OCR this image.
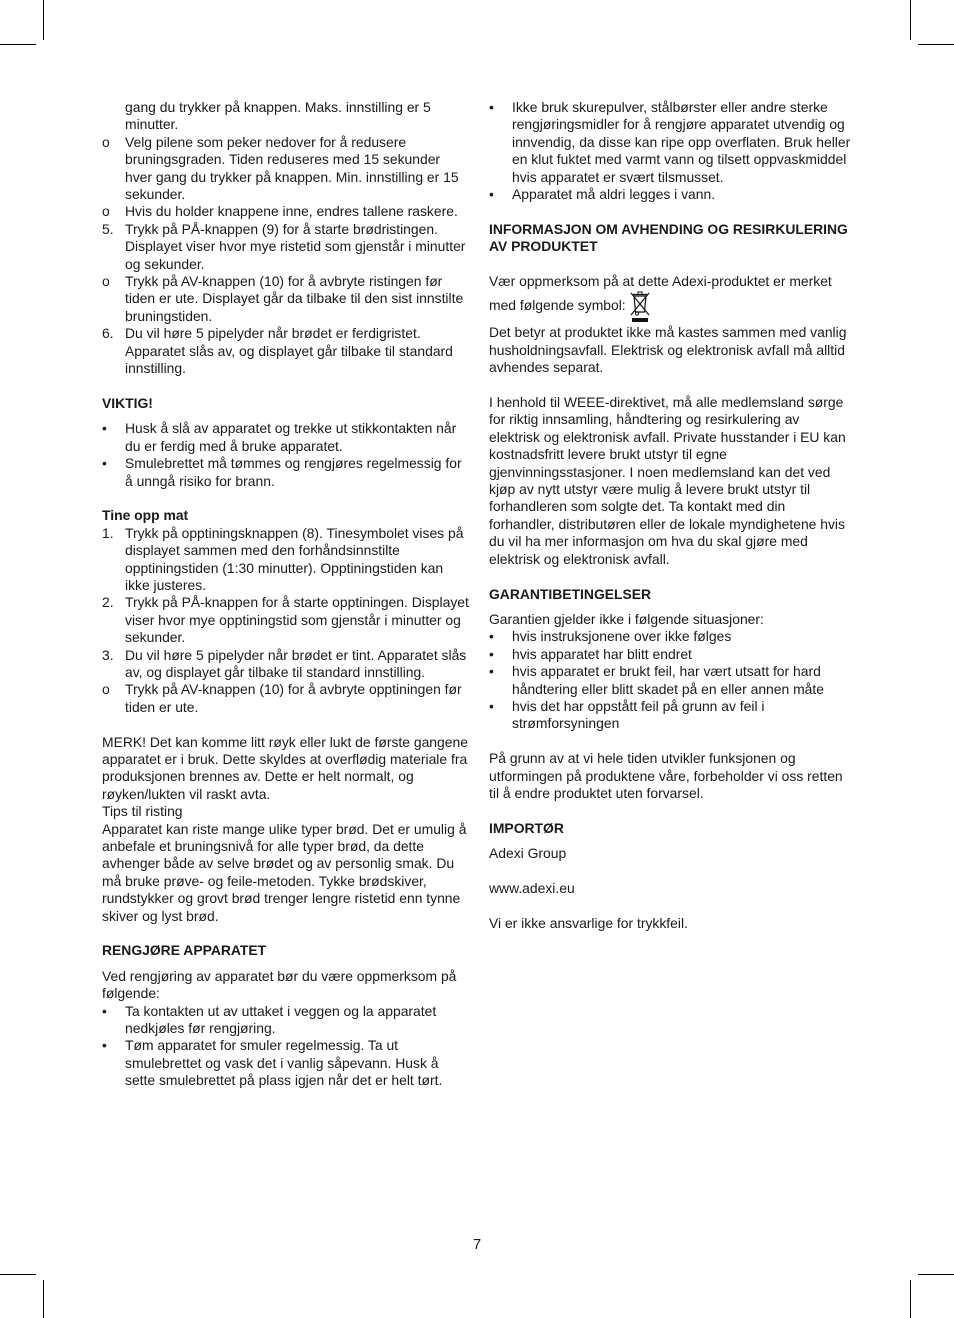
gang du trykker på knappen. Maks. innstilling er 5 minutter.
o Velg pilene som peker nedover for å redusere bruningsgraden. Tiden reduseres med 15 sekunder hver gang du trykker på knappen. Min. innstilling er 15 sekunder.
o Hvis du holder knappene inne, endres tallene raskere.
5. Trykk på PÅ-knappen (9) for å starte brødristingen. Displayet viser hvor mye ristetid som gjenstår i minutter og sekunder.
o Trykk på AV-knappen (10) for å avbryte ristingen før tiden er ute. Displayet går da tilbake til den sist innstilte bruningstiden.
6. Du vil høre 5 pipelyder når brødet er ferdigristet. Apparatet slås av, og displayet går tilbake til standard innstilling.

VIKTIG!

• Husk å slå av apparatet og trekke ut stikkontakten når du er ferdig med å bruke apparatet.
• Smulebrettet må tømmes og rengjøres regelmessig for å unngå risiko for brann.

Tine opp mat

1. Trykk på opptiningsknappen (8). Tinesymbolet vises på displayet sammen med den forhåndsinnstilte opptiningstiden (1:30 minutter). Opptiningstiden kan ikke justeres.
2. Trykk på PÅ-knappen for å starte opptiningen. Displayet viser hvor mye opptiningstid som gjenstår i minutter og sekunder.
3. Du vil høre 5 pipelyder når brødet er tint. Apparatet slås av, og displayet går tilbake til standard innstilling.
o Trykk på AV-knappen (10) for å avbryte opptiningen før tiden er ute.

MERK! Det kan komme litt røyk eller lukt de første gangene apparatet er i bruk. Dette skyldes at overflødig materiale fra produksjonen brennes av. Dette er helt normalt, og røyken/lukten vil raskt avta.

Tips til risting

Apparatet kan riste mange ulike typer brød. Det er umulig å anbefale et bruningsnivå for alle typer brød, da dette avhenger både av selve brødet og av personlig smak. Du må bruke prøve- og feile-metoden. Tykke brødskiver, rundstykker og grovt brød trenger lengre ristetid enn tynne skiver og lyst brød.

RENGJØRE APPARATET

Ved rengjøring av apparatet bør du være oppmerksom på følgende:

• Ta kontakten ut av uttaket i veggen og la apparatet nedkjøles før rengjøring.
• Tøm apparatet for smuler regelmessig. Ta ut smulebrettet og vask det i vanlig såpevann. Husk å sette smulebrettet på plass igjen når det er helt tørt.
• Ikke bruk skurepulver, stålbørster eller andre sterke rengjøringsmidler for å rengjøre apparatet utvendig og innvendig, da disse kan ripe opp overflaten. Bruk heller en klut fuktet med varmt vann og tilsett oppvaskmiddel hvis apparatet er svært tilsmusset.
• Apparatet må aldri legges i vann.

INFORMASJON OM AVHENDING OG RESIRKULERING AV PRODUKTET

Vær oppmerksom på at dette Adexi-produktet er merket med følgende symbol:

Det betyr at produktet ikke må kastes sammen med vanlig husholdningsavfall. Elektrisk og elektronisk avfall må alltid avhendes separat.

I henhold til WEEE-direktivet, må alle medlemsland sørge for riktig innsamling, håndtering og resirkulering av elektrisk og elektronisk avfall. Private husstander i EU kan kostnadsfritt levere brukt utstyr til egne gjenvinningsstasjoner. I noen medlemsland kan det ved kjøp av nytt utstyr være mulig å levere brukt utstyr til forhandleren som solgte det. Ta kontakt med din forhandler, distributøren eller de lokale myndighetene hvis du vil ha mer informasjon om hva du skal gjøre med elektrisk og elektronisk avfall.

GARANTIBETINGELSER

Garantien gjelder ikke i følgende situasjoner:

• hvis instruksjonene over ikke følges
• hvis apparatet har blitt endret
• hvis apparatet er brukt feil, har vært utsatt for hard håndtering eller blitt skadet på en eller annen måte
• hvis det har oppstått feil på grunn av feil i strømforsyningen

På grunn av at vi hele tiden utvikler funksjonen og utformingen på produktene våre, forbeholder vi oss retten til å endre produktet uten forvarsel.

IMPORTØR

Adexi Group

www.adexi.eu

Vi er ikke ansvarlige for trykkfeil.

7
